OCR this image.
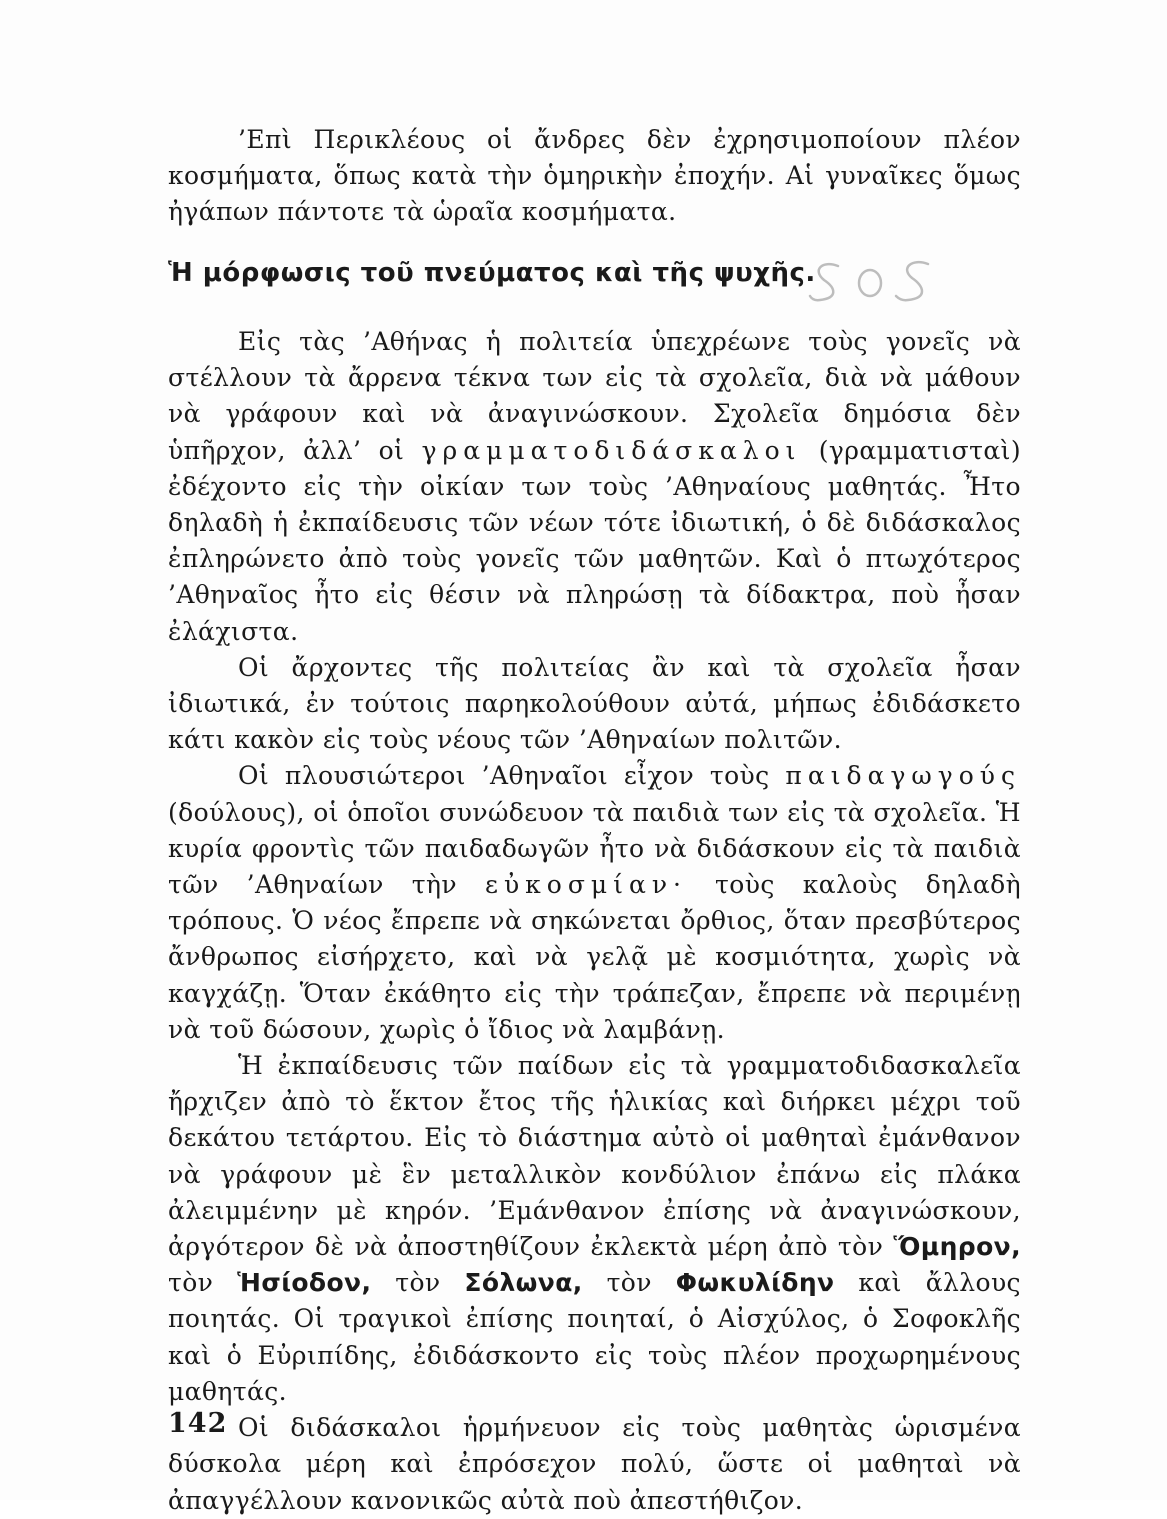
’Επὶ Περικλέους οἱ ἄνδρες δὲν ἐχρησιμοποίουν πλέον κοσμήματα, ὅπως κατὰ τὴν ὁμηρικὴν ἐποχήν. Αἱ γυναῖκες ὅμως ἠγάπων πάντοτε τὰ ὡραῖα κοσμήματα.

Ἡ μόρφωσις τοῦ πνεύματος καὶ τῆς ψυχῆς.

Εἰς τὰς ’Αθήνας ἡ πολιτεία ὑπεχρέωνε τοὺς γονεῖς νὰ στέλλουν τὰ ἄρρενα τέκνα των εἰς τὰ σχολεῖα, διὰ νὰ μάθουν νὰ γράφουν καὶ νὰ ἀναγινώσκουν. Σχολεῖα δημόσια δὲν ὑπῆρχον, ἀλλ’ οἱ γραμματοδιδάσκαλοι (γραμματισταὶ) ἐδέχοντο εἰς τὴν οἰκίαν των τοὺς ’Αθηναίους μαθητάς. Ἦτο δηλαδὴ ἡ ἐκπαίδευσις τῶν νέων τότε ἰδιωτική, ὁ δὲ διδάσκαλος ἐπληρώνετο ἀπὸ τοὺς γονεῖς τῶν μαθητῶν. Καὶ ὁ πτωχότερος ’Αθηναῖος ἦτο εἰς θέσιν νὰ πληρώσῃ τὰ δίδακτρα, ποὺ ἦσαν ἐλάχιστα.

Οἱ ἄρχοντες τῆς πολιτείας ἂν καὶ τὰ σχολεῖα ἦσαν ἰδιωτικά, ἐν τούτοις παρηκολούθουν αὐτά, μήπως ἐδιδάσκετο κάτι κακὸν εἰς τοὺς νέους τῶν ’Αθηναίων πολιτῶν.

Οἱ πλουσιώτεροι ’Αθηναῖοι εἶχον τοὺς παιδαγωγούς (δούλους), οἱ ὁποῖοι συνώδευον τὰ παιδιὰ των εἰς τὰ σχολεῖα. Ἡ κυρία φροντὶς τῶν παιδαδωγῶν ἦτο νὰ διδάσκουν εἰς τὰ παιδιὰ τῶν ’Αθηναίων τὴν εὐκοσμίαν· τοὺς καλοὺς δηλαδὴ τρόπους. Ὁ νέος ἔπρεπε νὰ σηκώνεται ὄρθιος, ὅταν πρεσβύτερος ἄνθρωπος εἰσήρχετο, καὶ νὰ γελᾷ μὲ κοσμιότητα, χωρὶς νὰ καγχάζῃ. Ὅταν ἐκάθητο εἰς τὴν τράπεζαν, ἔπρεπε νὰ περιμένῃ νὰ τοῦ δώσουν, χωρὶς ὁ ἴδιος νὰ λαμβάνῃ.

Ἡ ἐκπαίδευσις τῶν παίδων εἰς τὰ γραμματοδιδασκαλεῖα ἤρχιζεν ἀπὸ τὸ ἕκτον ἔτος τῆς ἡλικίας καὶ διήρκει μέχρι τοῦ δεκάτου τετάρτου. Εἰς τὸ διάστημα αὐτὸ οἱ μαθηταὶ ἐμάνθανον νὰ γράφουν μὲ ἓν μεταλλικὸν κονδύλιον ἐπάνω εἰς πλάκα ἀλειμμένην μὲ κηρόν. ’Εμάνθανον ἐπίσης νὰ ἀναγινώσκουν, ἀργότερον δὲ νὰ ἀποστηθίζουν ἐκλεκτὰ μέρη ἀπὸ τὸν Ὅμηρον, τὸν Ἡσίοδον, τὸν Σόλωνα, τὸν Φωκυλίδην καὶ ἄλλους ποιητάς. Οἱ τραγικοὶ ἐπίσης ποιηταί, ὁ Αἰσχύλος, ὁ Σοφοκλῆς καὶ ὁ Εὐριπίδης, ἐδιδάσκοντο εἰς τοὺς πλέον προχωρημένους μαθητάς.

Οἱ διδάσκαλοι ἡρμήνευον εἰς τοὺς μαθητὰς ὡρισμένα δύσκολα μέρη καὶ ἐπρόσεχον πολύ, ὥστε οἱ μαθηταὶ νὰ ἀπαγγέλλουν κανονικῶς αὐτὰ ποὺ ἀπεστήθιζον.

142
